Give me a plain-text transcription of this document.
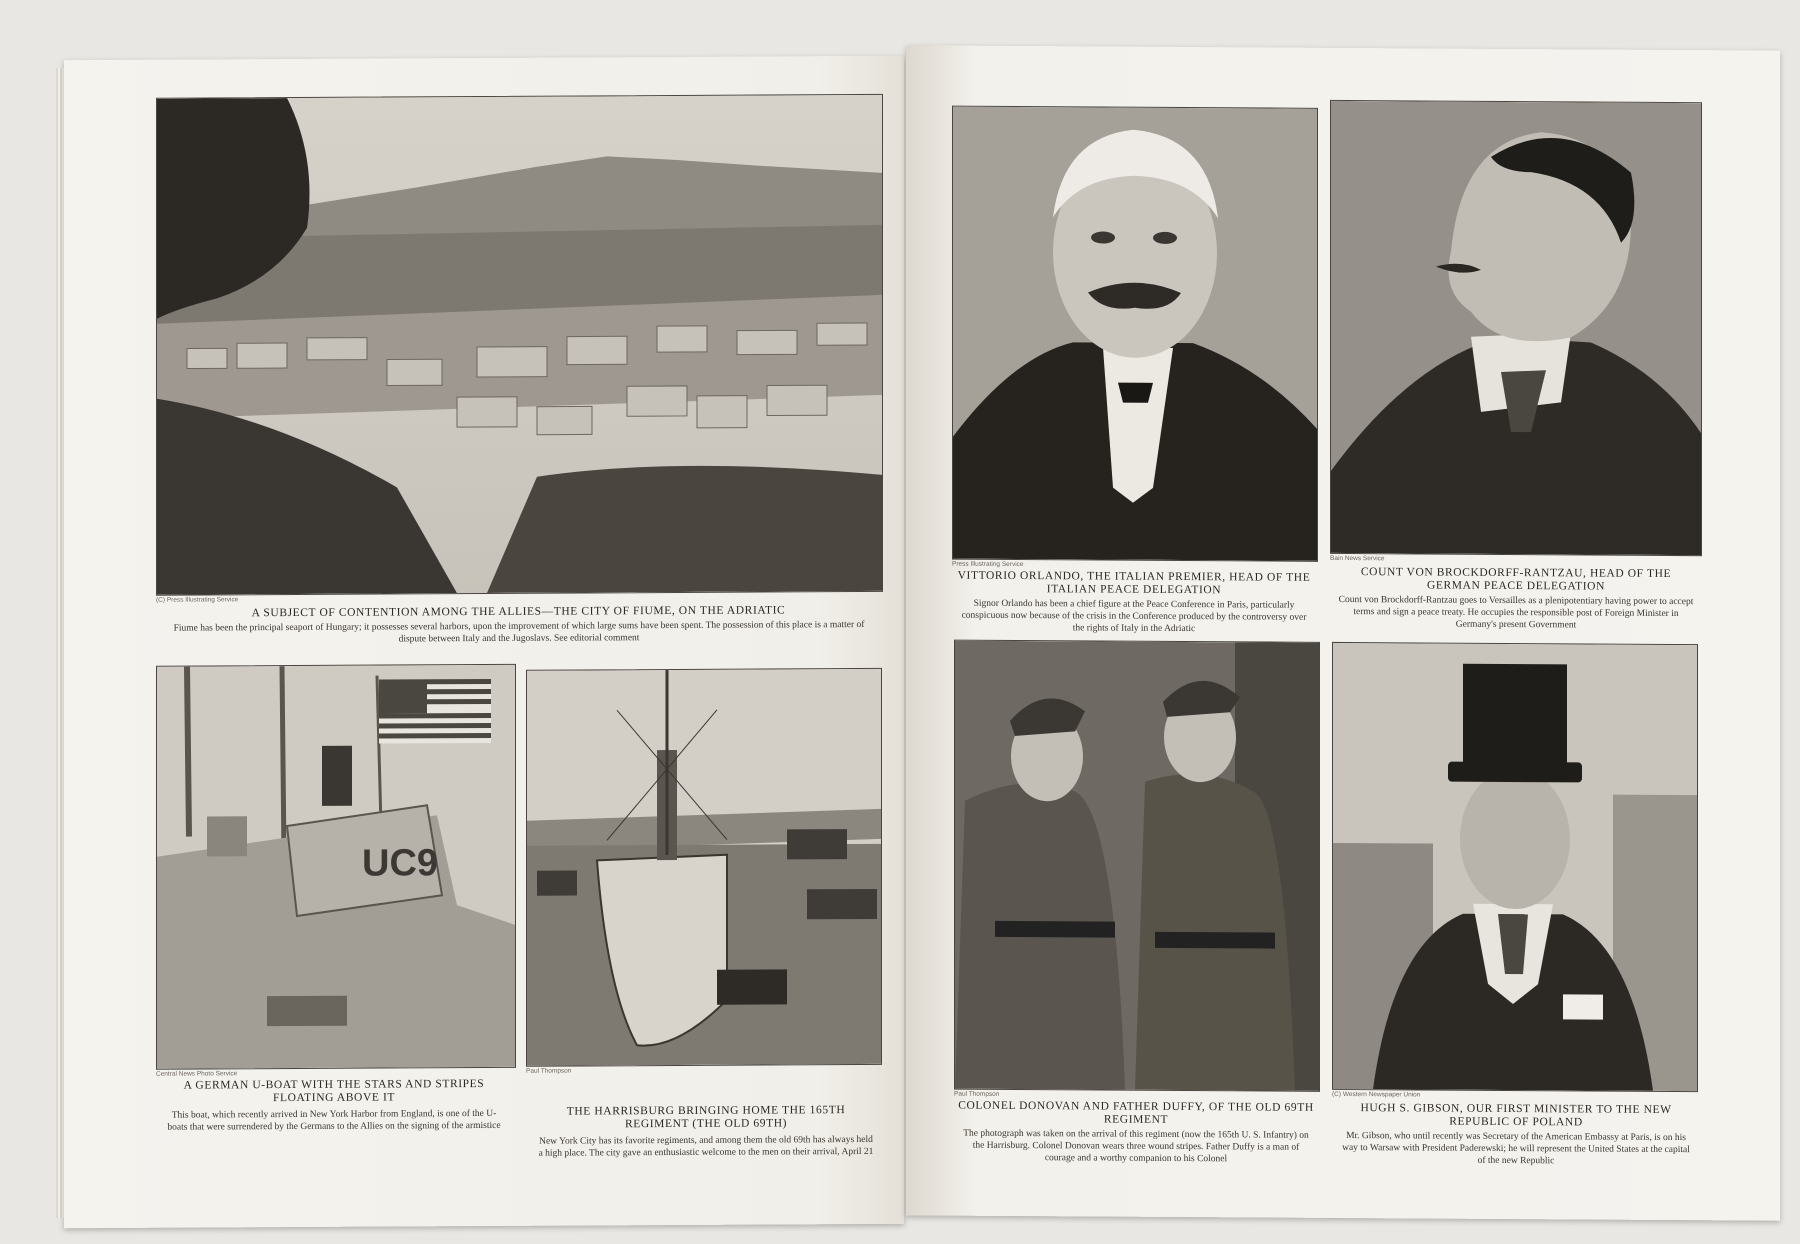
(C) Press Illustrating Service
A SUBJECT OF CONTENTION AMONG THE ALLIES—THE CITY OF FIUME, ON THE ADRIATIC
Fiume has been the principal seaport of Hungary; it possesses several harbors, upon the improvement of which large sums have been spent. The possession of this place is a matter of dispute between Italy and the Jugoslavs. See editorial comment
UC9
Central News Photo Service	Paul Thompson
A GERMAN U-BOAT WITH THE STARS AND STRIPES FLOATING ABOVE IT
This boat, which recently arrived in New York Harbor from England, is one of the U-boats that were surrendered by the Germans to the Allies on the signing of the armistice
THE HARRISBURG BRINGING HOME THE 165TH REGIMENT (THE OLD 69TH)
New York City has its favorite regiments, and among them the old 69th has always held a high place. The city gave an enthusiastic welcome to the men on their arrival, April 21
Press Illustrating Service
VITTORIO ORLANDO, THE ITALIAN PREMIER, HEAD OF THE ITALIAN PEACE DELEGATION
Signor Orlando has been a chief figure at the Peace Conference in Paris, particularly conspicuous now because of the crisis in the Conference produced by the controversy over the rights of Italy in the Adriatic
Bain News Service
COUNT VON BROCKDORFF-RANTZAU, HEAD OF THE GERMAN PEACE DELEGATION
Count von Brockdorff-Rantzau goes to Versailles as a plenipotentiary having power to accept terms and sign a peace treaty. He occupies the responsible post of Foreign Minister in Germany's present Government
Paul Thompson
COLONEL DONOVAN AND FATHER DUFFY, OF THE OLD 69TH REGIMENT
The photograph was taken on the arrival of this regiment (now the 165th U. S. Infantry) on the Harrisburg. Colonel Donovan wears three wound stripes. Father Duffy is a man of courage and a worthy companion to his Colonel
(C) Western Newspaper Union
HUGH S. GIBSON, OUR FIRST MINISTER TO THE NEW REPUBLIC OF POLAND
Mr. Gibson, who until recently was Secretary of the American Embassy at Paris, is on his way to Warsaw with President Paderewski; he will represent the United States at the capital of the new Republic
